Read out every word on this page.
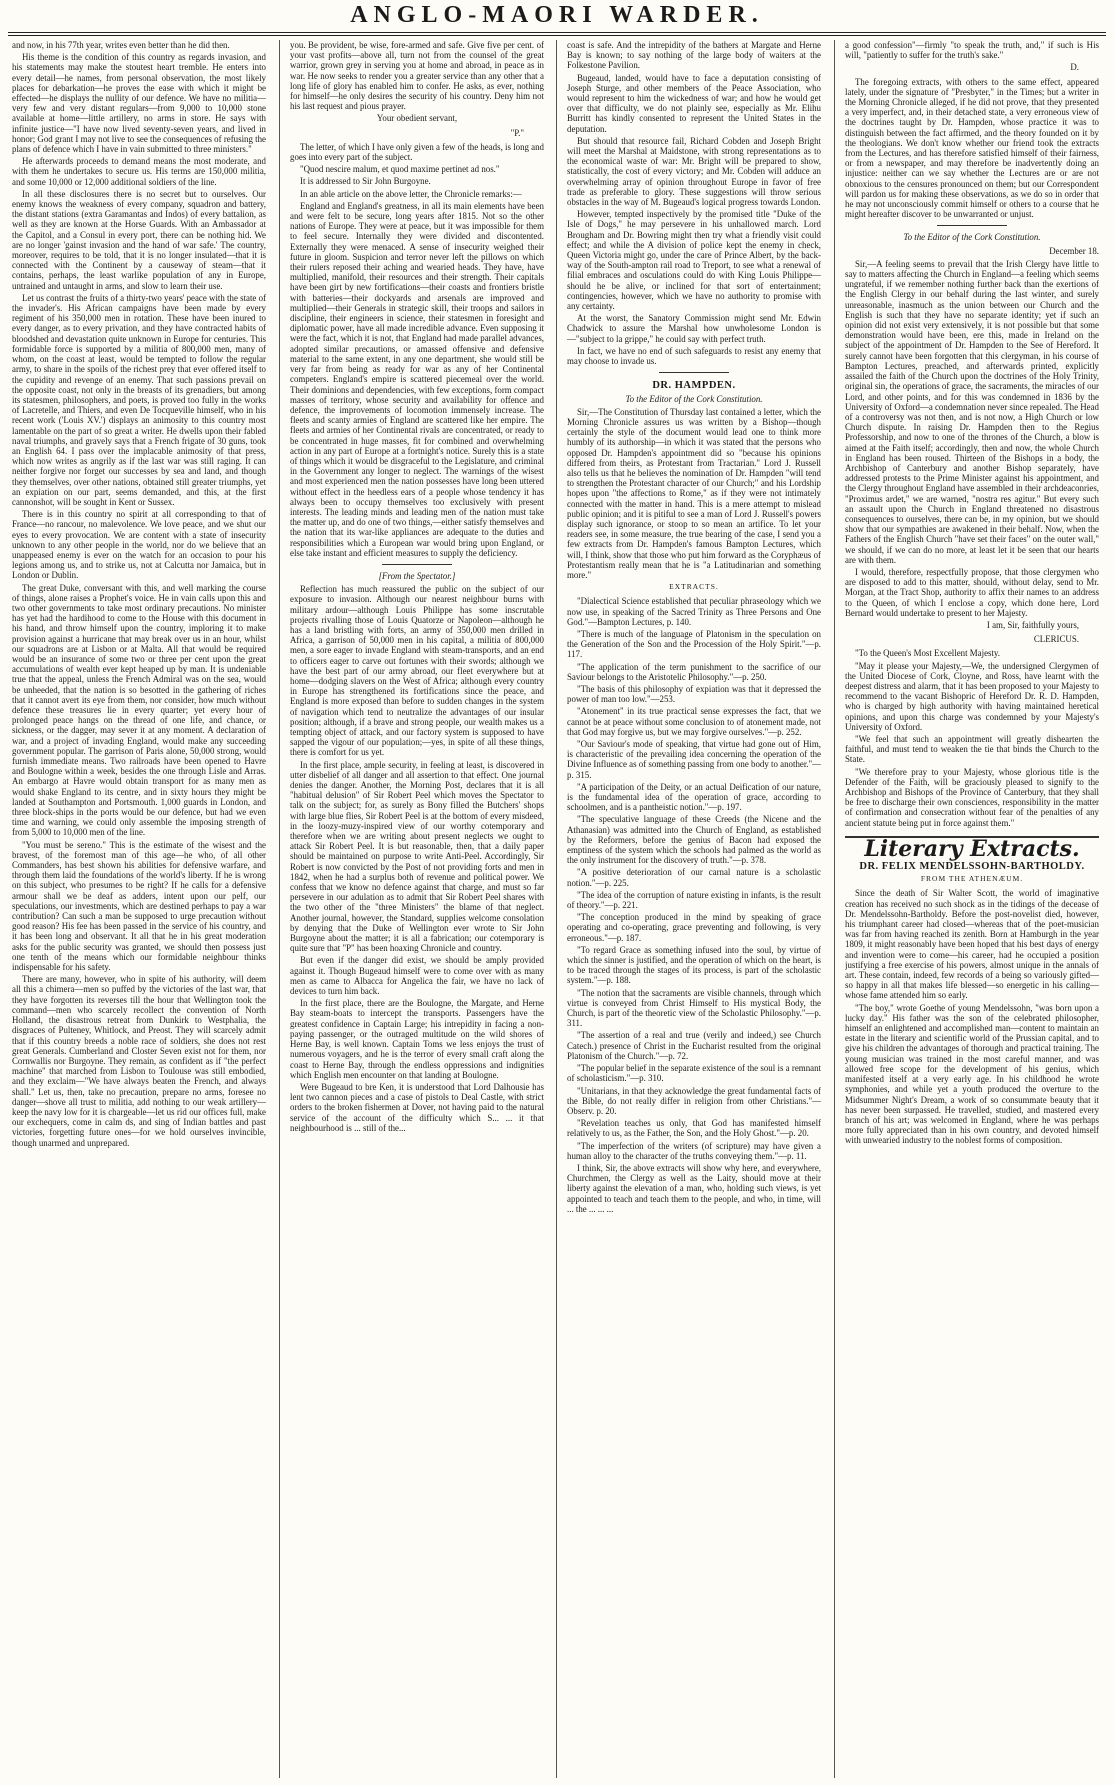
ANGLO-MAORI WARDER.

and now, in his 77th year, writes even better than he did then.

His theme is the condition of this country as regards invasion, and his statements may make the stoutest heart tremble. He enters into every detail—he names, from personal observation, the most likely places for debarkation—he proves the ease with which it might be effected—he displays the nullity of our defence. We have no militia—very few and very distant regulars—from 9,000 to 10,000 stone available at home—little artillery, no arms in store. He says with infinite justice—"I have now lived seventy-seven years, and lived in honor; God grant I may not live to see the consequences of refusing the plans of defence which I have in vain submitted to three ministers."

He afterwards proceeds to demand means the most moderate, and with them he undertakes to secure us. His terms are 150,000 militia, and some 10,000 or 12,000 additional soldiers of the line.

In all these disclosures there is no secret but to ourselves. Our enemy knows the weakness of every company, squadron and battery, the distant stations (extra Garamantas and Indos) of every battalion, as well as they are known at the Horse Guards. With an Ambassador at the Capitol, and a Consul in every port, there can be nothing hid. We are no longer 'gainst invasion and the hand of war safe.' The country, moreover, requires to be told, that it is no longer insulated—that it is connected with the Continent by a causeway of steam—that it contains, perhaps, the least warlike population of any in Europe, untrained and untaught in arms, and slow to learn their use.

Let us contrast the fruits of a thirty-two years' peace with the state of the invader's. His African campaigns have been made by every regiment of his 350,000 men in rotation. These have been inured to every danger, as to every privation, and they have contracted habits of bloodshed and devastation quite unknown in Europe for centuries. This formidable force is supported by a militia of 800,000 men, many of whom, on the coast at least, would be tempted to follow the regular army, to share in the spoils of the richest prey that ever offered itself to the cupidity and revenge of an enemy. That such passions prevail on the opposite coast, not only in the breasts of its grenadiers, but among its statesmen, philosophers, and poets, is proved too fully in the works of Lacretelle, and Thiers, and even De Tocqueville himself, who in his recent work ('Louis XV.') displays an animosity to this country most lamentable on the part of so great a writer. He dwells upon their fabled naval triumphs, and gravely says that a French frigate of 30 guns, took an English 64. I pass over the implacable animosity of that press, which now writes as angrily as if the last war was still raging. It can neither forgive nor forget our successes by sea and land, and though they themselves, over other nations, obtained still greater triumphs, yet an expiation on our part, seems demanded, and this, at the first cannonshot, will be sought in Kent or Sussex.

There is in this country no spirit at all corresponding to that of France—no rancour, no malevolence. We love peace, and we shut our eyes to every provocation. We are content with a state of insecurity unknown to any other people in the world, nor do we believe that an unappeased enemy is ever on the watch for an occasion to pour his legions among us, and to strike us, not at Calcutta nor Jamaica, but in London or Dublin.

The great Duke, conversant with this, and well marking the course of things, alone raises a Prophet's voice. He in vain calls upon this and two other governments to take most ordinary precautions. No minister has yet had the hardihood to come to the House with this document in his hand, and throw himself upon the country, imploring it to make provision against a hurricane that may break over us in an hour, whilst our squadrons are at Lisbon or at Malta. All that would be required would be an insurance of some two or three per cent upon the great accumulations of wealth ever kept heaped up by man. It is undeniable true that the appeal, unless the French Admiral was on the sea, would be unheeded, that the nation is so besotted in the gathering of riches that it cannot avert its eye from them, nor consider, how much without defence these treasures lie in every quarter; yet every hour of prolonged peace hangs on the thread of one life, and chance, or sickness, or the dagger, may sever it at any moment. A declaration of war, and a project of invading England, would make any succeeding government popular. The garrison of Paris alone, 50,000 strong, would furnish immediate means. Two railroads have been opened to Havre and Boulogne within a week, besides the one through Lisle and Arras. An embargo at Havre would obtain transport for as many men as would shake England to its centre, and in sixty hours they might be landed at Southampton and Portsmouth. 1,000 guards in London, and three block-ships in the ports would be our defence, but had we even time and warning, we could only assemble the imposing strength of from 5,000 to 10,000 men of the line.

"You must be sereno." This is the estimate of the wisest and the bravest, of the foremost man of this age—he who, of all other Commanders, has best shown his abilities for defensive warfare, and through them laid the foundations of the world's liberty. If he is wrong on this subject, who presumes to be right? If he calls for a defensive armour shall we be deaf as adders, intent upon our pelf, our speculations, our investments, which are destined perhaps to pay a war contribution? Can such a man be supposed to urge precaution without good reason? His fee has been passed in the service of his country, and it has been long and observant. It all that he in his great moderation asks for the public security was granted, we should then possess just one tenth of the means which our formidable neighbour thinks indispensable for his safety.

There are many, however, who in spite of his authority, will deem all this a chimera—men so puffed by the victories of the last war, that they have forgotten its reverses till the hour that Wellington took the command—men who scarcely recollect the convention of North Holland, the disastrous retreat from Dunkirk to Westphalia, the disgraces of Pulteney, Whitlock, and Preost. They will scarcely admit that if this country breeds a noble race of soldiers, she does not rest great Generals. Cumberland and Closter Seven exist not for them, nor Cornwallis nor Burgoyne. They remain, as confident as if "the perfect machine" that marched from Lisbon to Toulouse was still embodied, and they exclaim—"We have always beaten the French, and always shall." Let us, then, take no precaution, prepare no arms, foresee no danger—shove all trust to militia, add nothing to our weak artillery—keep the navy low for it is chargeable—let us rid our offices full, make our exchequers, come in calm ds, and sing of Indian battles and past victories, forgetting future ones—for we hold ourselves invincible, though unarmed and unprepared.

you. Be provident, be wise, fore-armed and safe. Give five per cent. of your vast profits—above all, turn not from the counsel of the great warrior, grown grey in serving you at home and abroad, in peace as in war. He now seeks to render you a greater service than any other that a long life of glory has enabled him to confer. He asks, as ever, nothing for himself—he only desires the security of his country. Deny him not his last request and pious prayer.

Your obedient servant,
"P."

The letter, of which I have only given a few of the heads, is long and goes into every part of the subject.

"Quod nescire malum, et quod maxime pertinet ad nos."

It is addressed to Sir John Burgoyne.

In an able article on the above letter, the Chronicle remarks:—

England and England's greatness, in all its main elements have been and were felt to be secure, long years after 1815. Not so the other nations of Europe. They were at peace, but it was impossible for them to feel secure. Internally they were divided and discontented. Externally they were menaced. A sense of insecurity weighed their future in gloom. Suspicion and terror never left the pillows on which their rulers reposed their aching and wearied heads. They have, have multiplied, manifold, their resources and their strength. Their capitals have been girt by new fortifications—their coasts and frontiers bristle with batteries—their dockyards and arsenals are improved and multiplied—their Generals in strategic skill, their troops and sailors in discipline, their engineers in science, their statesmen in foresight and diplomatic power, have all made incredible advance. Even supposing it were the fact, which it is not, that England had made parallel advances, adopted similar precautions, or amassed offensive and defensive material to the same extent, in any one department, she would still be very far from being as ready for war as any of her Continental competers. England's empire is scattered piecemeal over the world. Their dominions and dependencies, with few exceptions, form compact masses of territory, whose security and availability for offence and defence, the improvements of locomotion immensely increase. The fleets and scanty armies of England are scattered like her empire. The fleets and armies of her Continental rivals are concentrated, or ready to be concentrated in huge masses, fit for combined and overwhelming action in any part of Europe at a fortnight's notice. Surely this is a state of things which it would be disgraceful to the Legislature, and criminal in the Government any longer to neglect. The warnings of the wisest and most experienced men the nation possesses have long been uttered without effect in the heedless ears of a people whose tendency it has always been to occupy themselves too exclusively with present interests. The leading minds and leading men of the nation must take the matter up, and do one of two things,—either satisfy themselves and the nation that its war-like appliances are adequate to the duties and responsibilities which a European war would bring upon England, or else take instant and efficient measures to supply the deficiency.

[From the Spectator.]

Reflection has much reassured the public on the subject of our exposure to invasion. Although our nearest neighbour burns with military ardour—although Louis Philippe has some inscrutable projects rivalling those of Louis Quatorze or Napoleon—although he has a land bristling with forts, an army of 350,000 men drilled in Africa, a garrison of 50,000 men in his capital, a militia of 800,000 men, a sore eager to invade England with steam-transports, and an end to officers eager to carve out fortunes with their swords; although we have the best part of our army abroad, our fleet everywhere but at home—dodging slavers on the West of Africa; although every country in Europe has strengthened its fortifications since the peace, and England is more exposed than before to sudden changes in the system of navigation which tend to neutralize the advantages of our insular position; although, if a brave and strong people, our wealth makes us a tempting object of attack, and our factory system is supposed to have sapped the vigour of our population;—yes, in spite of all these things, there is comfort for us yet.

In the first place, ample security, in feeling at least, is discovered in utter disbelief of all danger and all assertion to that effect. One journal denies the danger. Another, the Morning Post, declares that it is all "habitual delusion" of Sir Robert Peel which moves the Spectator to talk on the subject; for, as surely as Bony filled the Butchers' shops with large blue flies, Sir Robert Peel is at the bottom of every misdeed, in the loozy-muzy-inspired view of our worthy cotemporary and therefore when we are writing about present neglects we ought to attack Sir Robert Peel. It is but reasonable, then, that a daily paper should be maintained on purpose to write Anti-Peel. Accordingly, Sir Robert is now convicted by the Post of not providing forts and men in 1842, when he had a surplus both of revenue and political power. We confess that we know no defence against that charge, and must so far persevere in our adulation as to admit that Sir Robert Peel shares with the two other of the "three Ministers" the blame of that neglect. Another journal, however, the Standard, supplies welcome consolation by denying that the Duke of Wellington ever wrote to Sir John Burgoyne about the matter; it is all a fabrication; our cotemporary is quite sure that "P" has been hoaxing Chronicle and country.

But even if the danger did exist, we should be amply provided against it. Though Bugeaud himself were to come over with as many men as came to Albacca for Angelica the fair, we have no lack of devices to turn him back.

In the first place, there are the Boulogne, the Margate, and Herne Bay steam-boats to intercept the transports. Passengers have the greatest confidence in Captain Large; his intrepidity in facing a non-paying passenger, or the outraged multitude on the wild shores of Herne Bay, is well known. Captain Toms we less enjoys the trust of numerous voyagers, and he is the terror of every small craft along the coast to Herne Bay, through the endless oppressions and indignities which English men encounter on that landing at Boulogne.

Were Bugeaud to bre Ken, it is understood that Lord Dalhousie has lent two cannon pieces and a case of pistols to Deal Castle, with strict orders to the broken fishermen at Dover, not having paid to the natural service of the account of the difficulty which S... ... it that neighbourhood is ... still of the...

coast is safe. And the intrepidity of the bathers at Margate and Herne Bay is known; to say nothing of the large body of waiters at the Folkestone Pavilion.

Bugeaud, landed, would have to face a deputation consisting of Joseph Sturge, and other members of the Peace Association, who would represent to him the wickedness of war; and how he would get over that difficulty, we do not plainly see, especially as Mr. Elihu Burritt has kindly consented to represent the United States in the deputation.

But should that resource fail, Richard Cobden and Joseph Bright will meet the Marshal at Maidstone, with strong representations as to the economical waste of war: Mr. Bright will be prepared to show, statistically, the cost of every victory; and Mr. Cobden will adduce an overwhelming array of opinion throughout Europe in favor of free trade as preferable to glory. These suggestions will throw serious obstacles in the way of M. Bugeaud's logical progress towards London.

However, tempted inspectively by the promised title "Duke of the Isle of Dogs," he may persevere in his unhallowed march. Lord Brougham and Dr. Bowring might then try what a friendly visit could effect; and while the A division of police kept the enemy in check, Queen Victoria might go, under the care of Prince Albert, by the back-way of the South-ampton rail road to Treport, to see what a renewal of filial embraces and osculations could do with King Louis Philippe—should he be alive, or inclined for that sort of entertainment; contingencies, however, which we have no authority to promise with any certainty.

At the worst, the Sanatory Commission might send Mr. Edwin Chadwick to assure the Marshal how unwholesome London is—"subject to la grippe," he could say with perfect truth.

In fact, we have no end of such safeguards to resist any enemy that may choose to invade us.

DR. HAMPDEN.
To the Editor of the Cork Constitution.

Sir,—The Constitution of Thursday last contained a letter, which the Morning Chronicle assures us was written by a Bishop—though certainly the style of the document would lead one to think more humbly of its authorship—in which it was stated that the persons who opposed Dr. Hampden's appointment did so "because his opinions differed from theirs, as Protestant from Tractarian." Lord J. Russell also tells us that he believes the nomination of Dr. Hampden "will tend to strengthen the Protestant character of our Church;" and his Lordship hopes upon "the affections to Rome," as if they were not intimately connected with the matter in hand. This is a mere attempt to mislead public opinion; and it is pitiful to see a man of Lord J. Russell's powers display such ignorance, or stoop to so mean an artifice. To let your readers see, in some measure, the true bearing of the case, I send you a few extracts from Dr. Hampden's famous Bampton Lectures, which will, I think, show that those who put him forward as the Coryphæus of Protestantism really mean that he is "a Latitudinarian and something more."

EXTRACTS.

"Dialectical Science established that peculiar phraseology which we now use, in speaking of the Sacred Trinity as Three Persons and One God."—Bampton Lectures, p. 140.

"There is much of the language of Platonism in the speculation on the Generation of the Son and the Procession of the Holy Spirit."—p. 117.

"The application of the term punishment to the sacrifice of our Saviour belongs to the Aristotelic Philosophy."—p. 250.

"The basis of this philosophy of expiation was that it depressed the power of man too low."—253.

"Atonement" in its true practical sense expresses the fact, that we cannot be at peace without some conclusion to of atonement made, not that God may forgive us, but we may forgive ourselves."—p. 252.

"Our Saviour's mode of speaking, that virtue had gone out of Him, is characteristic of the prevailing idea concerning the operation of the Divine Influence as of something passing from one body to another."—p. 315.

"A participation of the Deity, or an actual Deification of our nature, is the fundamental idea of the operation of grace, according to schoolmen, and is a pantheistic notion."—p. 197.

"The speculative language of these Creeds (the Nicene and the Athanasian) was admitted into the Church of England, as established by the Reformers, before the genius of Bacon had exposed the emptiness of the system which the schools had palmed as the world as the only instrument for the discovery of truth."—p. 378.

"A positive deterioration of our carnal nature is a scholastic notion."—p. 225.

"The idea of the corruption of nature existing in infants, is the result of theory."—p. 221.

"The conception produced in the mind by speaking of grace operating and co-operating, grace preventing and following, is very erroneous."—p. 187.

"To regard Grace as something infused into the soul, by virtue of which the sinner is justified, and the operation of which on the heart, is to be traced through the stages of its process, is part of the scholastic system."—p. 188.

"The notion that the sacraments are visible channels, through which virtue is conveyed from Christ Himself to His mystical Body, the Church, is part of the theoretic view of the Scholastic Philosophy."—p. 311.

"The assertion of a real and true (verily and indeed,) see Church Catech.) presence of Christ in the Eucharist resulted from the original Platonism of the Church."—p. 72.

"The popular belief in the separate existence of the soul is a remnant of scholasticism."—p. 310.

"Unitarians, in that they acknowledge the great fundamental facts of the Bible, do not really differ in religion from other Christians."—Observ. p. 20.

"Revelation teaches us only, that God has manifested himself relatively to us, as the Father, the Son, and the Holy Ghost."—p. 20.

"The imperfection of the writers (of scripture) may have given a human alloy to the character of the truths conveying them."—p. 11.

I think, Sir, the above extracts will show why here, and everywhere, Churchmen, the Clergy as well as the Laity, should move at their liberty against the elevation of a man, who, holding such views, is yet appointed to teach and teach them to the people, and who, in time, will ... the ... ... ...

a good confession"—firmly "to speak the truth, and," if such is His will, "patiently to suffer for the truth's sake."

D.

The foregoing extracts, with others to the same effect, appeared lately, under the signature of "Presbyter," in the Times; but a writer in the Morning Chronicle alleged, if he did not prove, that they presented a very imperfect, and, in their detached state, a very erroneous view of the doctrines taught by Dr. Hampden, whose practice it was to distinguish between the fact affirmed, and the theory founded on it by the theologians. We don't know whether our friend took the extracts from the Lectures, and has therefore satisfied himself of their fairness, or from a newspaper, and may therefore be inadvertently doing an injustice: neither can we say whether the Lectures are or are not obnoxious to the censures pronounced on them; but our Correspondent will pardon us for making these observations, as we do so in order that he may not unconsciously commit himself or others to a course that he might hereafter discover to be unwarranted or unjust.

To the Editor of the Cork Constitution.
December 18.

Sir,—A feeling seems to prevail that the Irish Clergy have little to say to matters affecting the Church in England—a feeling which seems ungrateful, if we remember nothing further back than the exertions of the English Clergy in our behalf during the last winter, and surely unreasonable, inasmuch as the union between our Church and the English is such that they have no separate identity; yet if such an opinion did not exist very extensively, it is not possible but that some demonstration would have been, ere this, made in Ireland on the subject of the appointment of Dr. Hampden to the See of Hereford. It surely cannot have been forgotten that this clergyman, in his course of Bampton Lectures, preached, and afterwards printed, explicitly assailed the faith of the Church upon the doctrines of the Holy Trinity, original sin, the operations of grace, the sacraments, the miracles of our Lord, and other points, and for this was condemned in 1836 by the University of Oxford—a condemnation never since repealed. The Head of a controversy was not then, and is not now, a High Church or low Church dispute. In raising Dr. Hampden then to the Regius Professorship, and now to one of the thrones of the Church, a blow is aimed at the Faith itself; accordingly, then and now, the whole Church in England has been roused. Thirteen of the Bishops in a body, the Archbishop of Canterbury and another Bishop separately, have addressed protests to the Prime Minister against his appointment, and the Clergy throughout England have assembled in their archdeaconries, "Proximus ardet," we are warned, "nostra res agitur." But every such an assault upon the Church in England threatened no disastrous consequences to ourselves, there can be, in my opinion, but we should show that our sympathies are awakened in their behalf. Now, when the Fathers of the English Church "have set their faces" on the outer wall," we should, if we can do no more, at least let it be seen that our hearts are with them.

I would, therefore, respectfully propose, that those clergymen who are disposed to add to this matter, should, without delay, send to Mr. Morgan, at the Tract Shop, authority to affix their names to an address to the Queen, of which I enclose a copy, which done here, Lord Bernard would undertake to present to her Majesty.

I am, Sir, faithfully yours,
CLERICUS.

"To the Queen's Most Excellent Majesty.

"May it please your Majesty,—We, the undersigned Clergymen of the United Diocese of Cork, Cloyne, and Ross, have learnt with the deepest distress and alarm, that it has been proposed to your Majesty to recommend to the vacant Bishopric of Hereford Dr. R. D. Hampden, who is charged by high authority with having maintained heretical opinions, and upon this charge was condemned by your Majesty's University of Oxford.

"We feel that such an appointment will greatly dishearten the faithful, and must tend to weaken the tie that binds the Church to the State.

"We therefore pray to your Majesty, whose glorious title is the Defender of the Faith, will be graciously pleased to signify to the Archbishop and Bishops of the Province of Canterbury, that they shall be free to discharge their own consciences, responsibility in the matter of confirmation and consecration without fear of the penalties of any ancient statute being put in force against them."

Literary Extracts.
DR. FELIX MENDELSSOHN-BARTHOLDY.
FROM THE ATHENÆUM.

Since the death of Sir Walter Scott, the world of imaginative creation has received no such shock as in the tidings of the decease of Dr. Mendelssohn-Bartholdy. Before the post-novelist died, however, his triumphant career had closed—whereas that of the poet-musician was far from having reached its zenith. Born at Hamburgh in the year 1809, it might reasonably have been hoped that his best days of energy and invention were to come—his career, had he occupied a position justifying a free exercise of his powers, almost unique in the annals of art. These contain, indeed, few records of a being so variously gifted—so happy in all that makes life blessed—so energetic in his calling—whose fame attended him so early.

"The boy," wrote Goethe of young Mendelssohn, "was born upon a lucky day." His father was the son of the celebrated philosopher, himself an enlightened and accomplished man—content to maintain an estate in the literary and scientific world of the Prussian capital, and to give his children the advantages of thorough and practical training. The young musician was trained in the most careful manner, and was allowed free scope for the development of his genius, which manifested itself at a very early age. In his childhood he wrote symphonies, and while yet a youth produced the overture to the Midsummer Night's Dream, a work of so consummate beauty that it has never been surpassed. He travelled, studied, and mastered every branch of his art; was welcomed in England, where he was perhaps more fully appreciated than in his own country, and devoted himself with unwearied industry to the noblest forms of composition.
